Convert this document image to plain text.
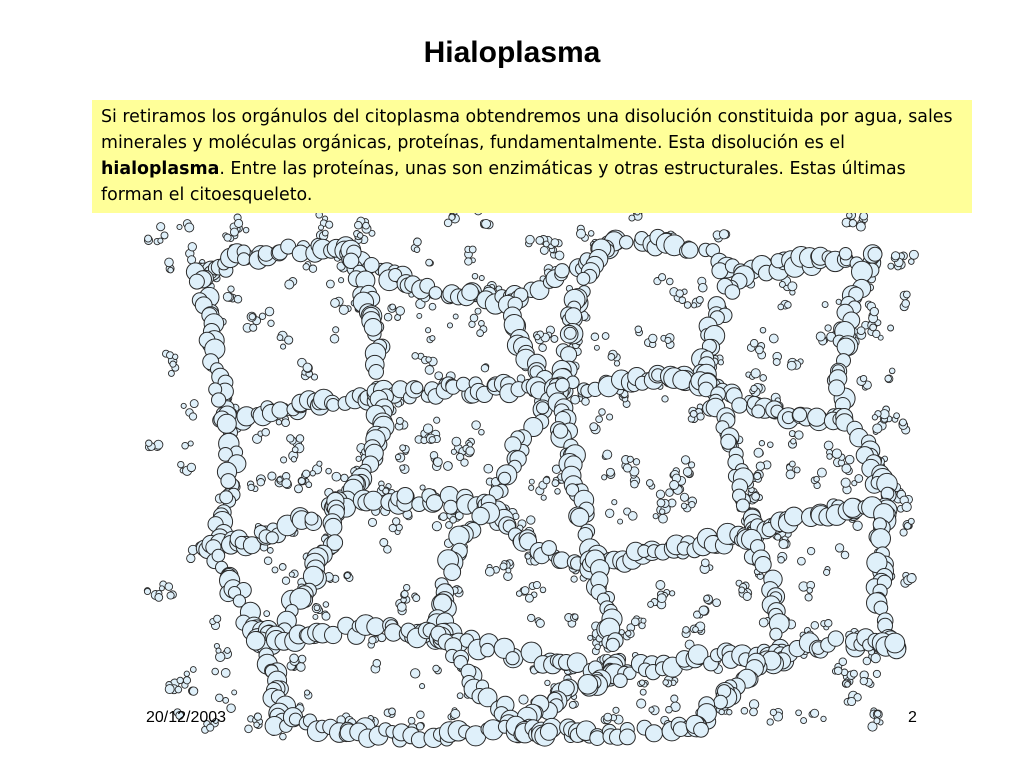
Hialoplasma
Si retiramos los orgánulos del citoplasma obtendremos una disolución constituida por agua, sales minerales y moléculas orgánicas, proteínas, fundamentalmente. Esta disolución es el hialoplasma. Entre las proteínas, unas son enzimáticas y otras estructurales. Estas últimas forman el citoesqueleto.
20/12/2003	2
